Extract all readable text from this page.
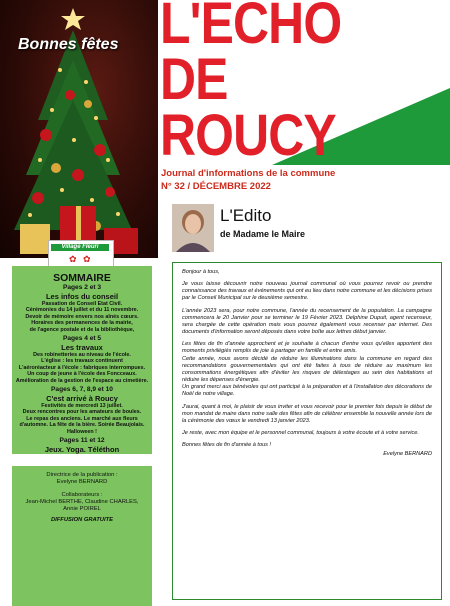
Bonnes fêtes L'ECHO
DE
ROUCY
Journal d'informations de la commune
N° 32 / DÉCEMBRE 2022
L'Edito
de Madame le Maire
Village Fleuri
✿ ✿
SOMMAIRE
Pages 2 et 3
Les infos du conseil
Passation de Conseil Etat Civil.
Cérémonies du 14 juillet et du 11 novembre.
Devoir de mémoire envers nos aînés cœurs.
Horaires des permanences de la mairie,
de l'agence postale et de la bibliothèque,
Pages 4 et 5
Les travaux
Des robinetteries au niveau de l'école.
L'église : les travaux continuent
L'aéroréacteur à l'école : fabriques interrompues.
Un coup de jeune à l'école des Foncceaux.
Amélioration de la gestion de l'espace au cimetière.
Pages 6, 7, 8,9 et 10
C'est arrivé à Roucy
Festivités de mercredi 13 juillet.
Deux rencontres pour les amateurs de boules.
Le repas des anciens. Le marché aux fleurs
d'automne. La fête de la bière. Soirée Beaujolais.
Halloween !
Pages 11 et 12
Jeux. Yoga. Téléthon
Directrice de la publication :
Evelyne BERNARD
Collaborateurs :
Jean-Michel BERTHE, Claudine CHARLES, Annie POIREL
DIFFUSION GRATUITE

Bonjour à tous,

Je vous laisse découvrir notre nouveau journal communal où vous pourrez revoir ou prendre connaissance des travaux et événements qui ont eu lieu dans notre commune et les décisions prises par le Conseil Municipal sur le deuxième semestre.

L'année 2023 sera, pour notre commune, l'année du recensement de la population. La campagne commencera le 20 Janvier pour se terminer le 19 Février 2023. Delphine Dupuit, agent recenseur, sera chargée de cette opération mais vous pourrez également vous recenser par internet. Des documents d'information seront déposés dans votre boîte aux lettres début janvier.

Les fêtes de fin d'année approchent et je souhaite à chacun d'entre vous qu'elles apportent des moments privilégiés remplis de joie à partager en famille et entre amis.
Cette année, nous avons décidé de réduire les illuminations dans la commune en regard des recommandations gouvernementales qui ont été faites à tous de réduire au maximum les consommations énergétiques afin d'éviter les risques de délestages au sein des habitations et réduire les dépenses d'énergie.
Un grand merci aux bénévoles qui ont participé à la préparation et à l'installation des décorations de Noël de notre village.

J'aurai, quant à moi, le plaisir de vous inviter et vous recevoir pour le premier fois depuis le début de mon mandat de maire dans notre salle des fêtes afin de célébrer ensemble la nouvelle année lors de la cérémonie des vœux le vendredi 13 janvier 2023.

Je reste, avec mon équipe et le personnel communal, toujours à votre écoute et à votre service.

Bonnes fêtes de fin d'année à tous !

Evelyne BERNARD
